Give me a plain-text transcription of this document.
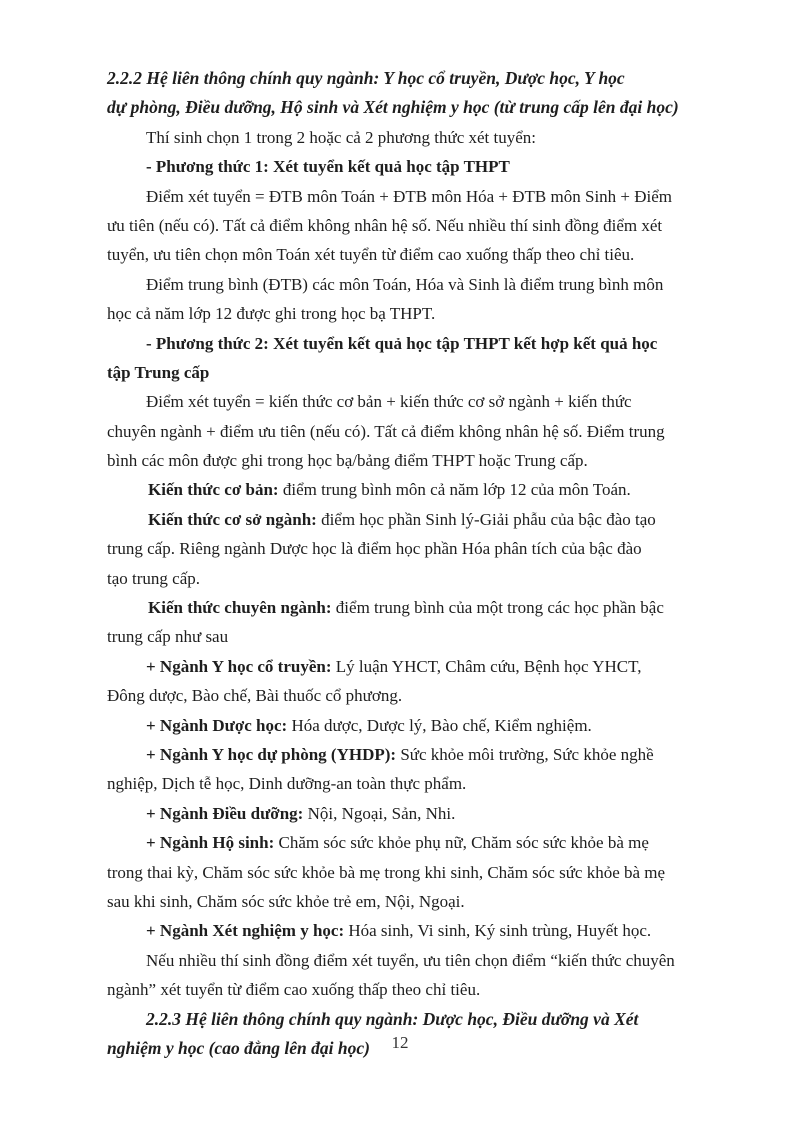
2.2.2 Hệ liên thông chính quy ngành: Y học cổ truyền, Dược học, Y học
dự phòng, Điều dưỡng, Hộ sinh và Xét nghiệm y học (từ trung cấp lên đại học)
Thí sinh chọn 1 trong 2 hoặc cả 2 phương thức xét tuyển:
- Phương thức 1: Xét tuyển kết quả học tập THPT
Điểm xét tuyển = ĐTB môn Toán + ĐTB môn Hóa + ĐTB môn Sinh + Điểm
ưu tiên (nếu có). Tất cả điểm không nhân hệ số. Nếu nhiều thí sinh đồng điểm xét
tuyển, ưu tiên chọn môn Toán xét tuyển từ điểm cao xuống thấp theo chỉ tiêu.
Điểm trung bình (ĐTB) các môn Toán, Hóa và Sinh là điểm trung bình môn
học cả năm lớp 12 được ghi trong học bạ THPT.
- Phương thức 2: Xét tuyển kết quả học tập THPT kết hợp kết quả học
tập Trung cấp
Điểm xét tuyển = kiến thức cơ bản + kiến thức cơ sở ngành + kiến thức
chuyên ngành + điểm ưu tiên (nếu có). Tất cả điểm không nhân hệ số. Điểm trung
bình các môn được ghi trong học bạ/bảng điểm THPT hoặc Trung cấp.
Kiến thức cơ bản: điểm trung bình môn cả năm lớp 12 của môn Toán.
Kiến thức cơ sở ngành: điểm học phần Sinh lý-Giải phẫu của bậc đào tạo
trung cấp. Riêng ngành Dược học là điểm học phần Hóa phân tích của bậc đào
tạo trung cấp.
Kiến thức chuyên ngành: điểm trung bình của một trong các học phần bậc
trung cấp như sau
+ Ngành Y học cổ truyền: Lý luận YHCT, Châm cứu, Bệnh học YHCT,
Đông dược, Bào chế, Bài thuốc cổ phương.
+ Ngành Dược học: Hóa dược, Dược lý, Bào chế, Kiểm nghiệm.
+ Ngành Y học dự phòng (YHDP): Sức khỏe môi trường, Sức khỏe nghề
nghiệp, Dịch tễ học, Dinh dưỡng-an toàn thực phẩm.
+ Ngành Điều dưỡng: Nội, Ngoại, Sản, Nhi.
+ Ngành Hộ sinh: Chăm sóc sức khỏe phụ nữ, Chăm sóc sức khỏe bà mẹ
trong thai kỳ, Chăm sóc sức khỏe bà mẹ trong khi sinh, Chăm sóc sức khỏe bà mẹ
sau khi sinh, Chăm sóc sức khỏe trẻ em, Nội, Ngoại.
+ Ngành Xét nghiệm y học: Hóa sinh, Vi sinh, Ký sinh trùng, Huyết học.
Nếu nhiều thí sinh đồng điểm xét tuyển, ưu tiên chọn điểm “kiến thức chuyên
ngành” xét tuyển từ điểm cao xuống thấp theo chỉ tiêu.
2.2.3 Hệ liên thông chính quy ngành: Dược học, Điều dưỡng và Xét
nghiệm y học (cao đẳng lên đại học)	12
